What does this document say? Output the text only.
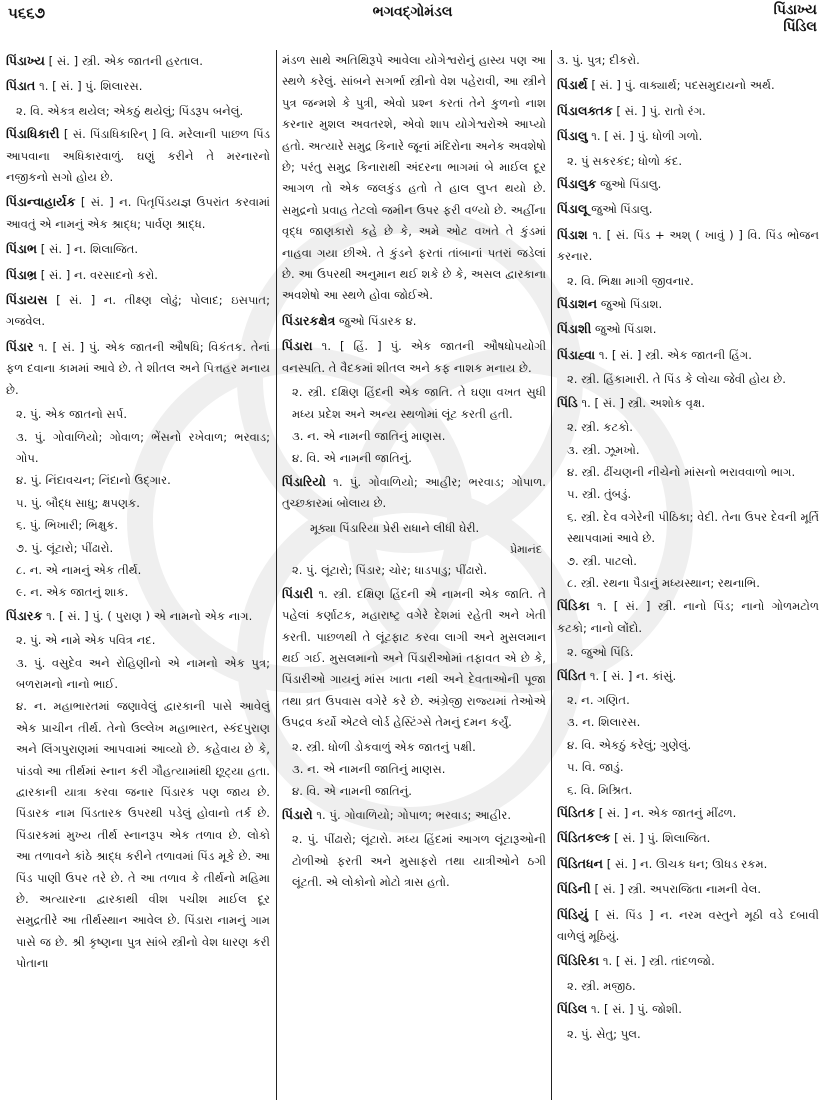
૫૬૬૭	ભગવદ્ગોમંડલ	પિંડાખ્ય
પિંડિલ
પિંડાખ્ય [ સં. ] સ્ત્રી. એક જાતની હરતાલ.
પિંડાત ૧. [ સં. ] પું. શિલારસ.
૨. વિ. એકત્ર થયેલ; એકઠું થયેલું; પિંડરૂપ બનેલું.
પિંડાધિકારી [ સં. પિંડાધિકારિન્ ] વિ. મરેલાની પાછળ પિંડ આપવાના અધિકારવાળું. ઘણું કરીને તે મરનારનો નજીકનો સગો હોય છે.
પિંડાન્વાહાર્યક [ સં. ] ન. પિતૃપિંડયજ્ઞ ઉપરાંત કરવામાં આવતું એ નામનું એક શ્રાદ્ધ; પાર્વણ શ્રાદ્ધ.
પિંડાભ [ સં. ] ન. શિલાજિત.
પિંડાભ્ર [ સં. ] ન. વરસાદનો કરો.
પિંડાયસ [ સં. ] ન. તીક્ષ્ણ લોઢું; પોલાદ; ઇસપાત; ગજવેલ.
પિંડાર ૧. [ સં. ] પું. એક જાતની ઔષધિ; વિકંતક. તેનાં ફળ દવાના કામમાં આવે છે. તે શીતલ અને પિત્તહર મનાય છે.
૨. પું. એક જાતનો સર્પ.
૩. પું. ગોવાળિયો; ગોવાળ; ભેંસનો રખેવાળ; ભરવાડ; ગોપ.
૪. પું. નિંદાવચન; નિંદાનો ઉદ્ગાર.
૫. પું. બૌદ્ધ સાધુ; ક્ષપણક.
૬. પું. ભિખારી; ભિક્ષુક.
૭. પું. લૂંટારો; પીંઢારો.
૮. ન. એ નામનું એક તીર્થ.
૯. ન. એક જાતનું શાક.
પિંડારક ૧. [ સં. ] પું. ( પુરાણ ) એ નામનો એક નાગ.
૨. પું. એ નામે એક પવિત્ર નદ.
૩. પું. વસુદેવ અને રોહિણીનો એ નામનો એક પુત્ર; બળરામનો નાનો ભાઈ.
૪. ન. મહાભારતમાં જણાવેલું દ્વારકાની પાસે આવેલું એક પ્રાચીન તીર્થ. તેનો ઉલ્લેખ મહાભારત, સ્કંદપુરાણ અને લિંગપુરાણમાં આપવામાં આવ્યો છે. કહેવાય છે કે, પાંડવો આ તીર્થમાં સ્નાન કરી ગૌહત્યામાંથી છૂટ્યા હતા. દ્વારકાની યાત્રા કરવા જનાર પિંડારક પણ જાય છે. પિંડારક નામ પિંડતારક ઉપરથી પડેલું હોવાનો તર્ક છે. પિંડારકમાં મુખ્ય તીર્થ સ્નાનરૂપ એક તળાવ છે. લોકો આ તળાવને કાંઠે શ્રાદ્ધ કરીને તળાવમાં પિંડ મૂકે છે. આ પિંડ પાણી ઉપર તરે છે. તે આ તળાવ કે તીર્થનો મહિમા છે. અત્યારના દ્વારકાથી વીશ પચીશ માઈલ દૂર સમુદ્રતીરે આ તીર્થસ્થાન આવેલ છે. પિંડારા નામનું ગામ પાસે જ છે. શ્રી કૃષ્ણના પુત્ર સાંબે સ્ત્રીનો વેશ ધારણ કરી પોતાના
મંડળ સાથે અતિથિરૂપે આવેલા યોગેશ્વરોનું હાસ્ય પણ આ સ્થળે કરેલું. સાંબને સગર્ભા સ્ત્રીનો વેશ પહેરાવી, આ સ્ત્રીને પુત્ર જન્મશે કે પુત્રી, એવો પ્રશ્ન કરતાં તેને કુળનો નાશ કરનાર મુશલ અવતરશે, એવો શાપ યોગેશ્વરોએ આપ્યો હતો. અત્યારે સમુદ્ર કિનારે જૂનાં મંદિરોના અનેક અવશેષો છે; પરંતુ સમુદ્ર કિનારાથી અંદરના ભાગમાં બે માઈલ દૂર આગળ તો એક જલકુંડ હતો તે હાલ લુપ્ત થયો છે. સમુદ્રનો પ્રવાહ તેટલો જમીન ઉપર ફરી વળ્યો છે. અહીંના વૃદ્ધ જાણકારો કહે છે કે, અમે ઓટ વખતે તે કુંડમાં નાહવા ગયા છીએ. તે કુંડને ફરતાં તાંબાનાં પતરાં જડેલાં છે. આ ઉપરથી અનુમાન થઈ શકે છે કે, અસલ દ્વારકાના અવશેષો આ સ્થળે હોવા જોઈએ.
પિંડારકક્ષેત્ર જુઓ પિંડારક ૪.
પિંડારા ૧. [ હિં. ] પું. એક જાતની ઔષધોપયોગી વનસ્પતિ. તે વૈદકમાં શીતલ અને કફ નાશક મનાય છે.
૨. સ્ત્રી. દક્ષિણ હિંદની એક જાતિ. તે ઘણા વખત સુધી મધ્ય પ્રદેશ અને અન્ય સ્થળોમાં લૂંટ કરતી હતી.
૩. ન. એ નામની જાતિનું માણસ.
૪. વિ. એ નામની જાતિનું.
પિંડારિયો ૧. પું. ગોવાળિયો; આહીર; ભરવાડ; ગોપાળ. તુચ્છકારમાં બોલાય છે.
મૂક્યા પિંડારિયા પ્રેરી રાધાને લીધી ઘેરી.
પ્રેમાનંદ
૨. પું. લૂંટારો; પિંડાર; ચોર; ધાડપાડુ; પીંઢારો.
પિંડારી ૧. સ્ત્રી. દક્ષિણ હિંદની એ નામની એક જાતિ. તે પહેલાં કર્ણાટક, મહારાષ્ટ્ર વગેરે દેશમાં રહેતી અને ખેતી કરતી. પાછળથી તે લૂંટફાટ કરવા લાગી અને મુસલમાન થઈ ગઈ. મુસલમાનો અને પિંડારીઓમાં તફાવત એ છે કે, પિંડારીઓ ગાયનું માંસ ખાતા નથી અને દેવતાઓની પૂજા તથા વ્રત ઉપવાસ વગેરે કરે છે. અંગ્રેજી રાજ્યમાં તેઓએ ઉપદ્રવ કર્યો એટલે લોર્ડ હેસ્ટિંગ્સે તેમનું દમન કર્યું.
૨. સ્ત્રી. ધોળી ડોકવાળું એક જાતનું પક્ષી.
૩. ન. એ નામની જાતિનું માણસ.
૪. વિ. એ નામની જાતિનું.
પિંડારો ૧. પું. ગોવાળિયો; ગોપાળ; ભરવાડ; આહીર.
૨. પું. પીંઢારો; લૂંટારો. મધ્ય હિંદમાં આગળ લૂંટારૂઓની ટોળીઓ ફરતી અને મુસાફરો તથા યાત્રીઓને ઠગી લૂંટતી. એ લોકોનો મોટો ત્રાસ હતો.
૩. પું. પુત્ર; દીકરો.
પિંડાર્થ [ સં. ] પું. વાક્યાર્થ; પદસમુદાયનો અર્થ.
પિંડાલક્તક [ સં. ] પું. રાતો રંગ.
પિંડાલુ ૧. [ સં. ] પું. ધોળી ગળો.
૨. પું સકરકંદ; ધોળો કંદ.
પિંડાલુક જુઓ પિંડાલુ.
પિંડાલૂ જુઓ પિંડાલુ.
પિંડાશ ૧. [ સં. પિંડ + અશ્ ( ખાવું ) ] વિ. પિંડ ભોજન કરનાર.
૨. વિ. ભિક્ષા માગી જીવનાર.
પિંડાશન જુઓ પિંડાશ.
પિંડાશી જુઓ પિંડાશ.
પિંડાહ્વા ૧. [ સં. ] સ્ત્રી. એક જાતની હિંગ.
૨. સ્ત્રી. હિંકામારી. તે પિંડ કે લોચા જેવી હોય છે.
પિંડિ ૧. [ સં. ] સ્ત્રી. અશોક વૃક્ષ.
૨. સ્ત્રી. કટકો.
૩. સ્ત્રી. ઝૂમખો.
૪. સ્ત્રી. ઢીંચણની નીચેનો માંસનો ભરાવવાળો ભાગ.
૫. સ્ત્રી. તુંબડું.
૬. સ્ત્રી. દેવ વગેરેની પીઠિકા; વેદી. તેના ઉપર દેવની મૂર્તિ સ્થાપવામાં આવે છે.
૭. સ્ત્રી. પાટલો.
૮. સ્ત્રી. રથના પૈડાનું મધ્યસ્થાન; રથનાભિ.
પિંડિકા ૧. [ સં. ] સ્ત્રી. નાનો પિંડ; નાનો ગોળમટોળ કટકો; નાનો લોંદો.
૨. જુઓ પિંડિ.
પિંડિત ૧. [ સં. ] ન. કાંસું.
૨. ન. ગણિત.
૩. ન. શિલારસ.
૪. વિ. એકઠું કરેલું; ગુણેલું.
૫. વિ. જાડું.
૬. વિ. મિશ્રિત.
પિંડિતક [ સં. ] ન. એક જાતનું મીંઢળ.
પિંડિતકલ્ક [ સં. ] પું. શિલાજિત.
પિંડિતધન [ સં. ] ન. ઊચક ધન; ઊધડ રકમ.
પિંડિની [ સં. ] સ્ત્રી. અપરાજિતા નામની વેલ.
પિંડિયું [ સં. પિંડ ] ન. નરમ વસ્તુને મૂઠી વડે દબાવી વાળેલું મૂઠિયું.
પિંડિરિકા ૧. [ સં. ] સ્ત્રી. તાંદળજો.
૨. સ્ત્રી. મજીઠ.
પિંડિલ ૧. [ સં. ] પું. જોશી.
૨. પું. સેતુ; પુલ.
